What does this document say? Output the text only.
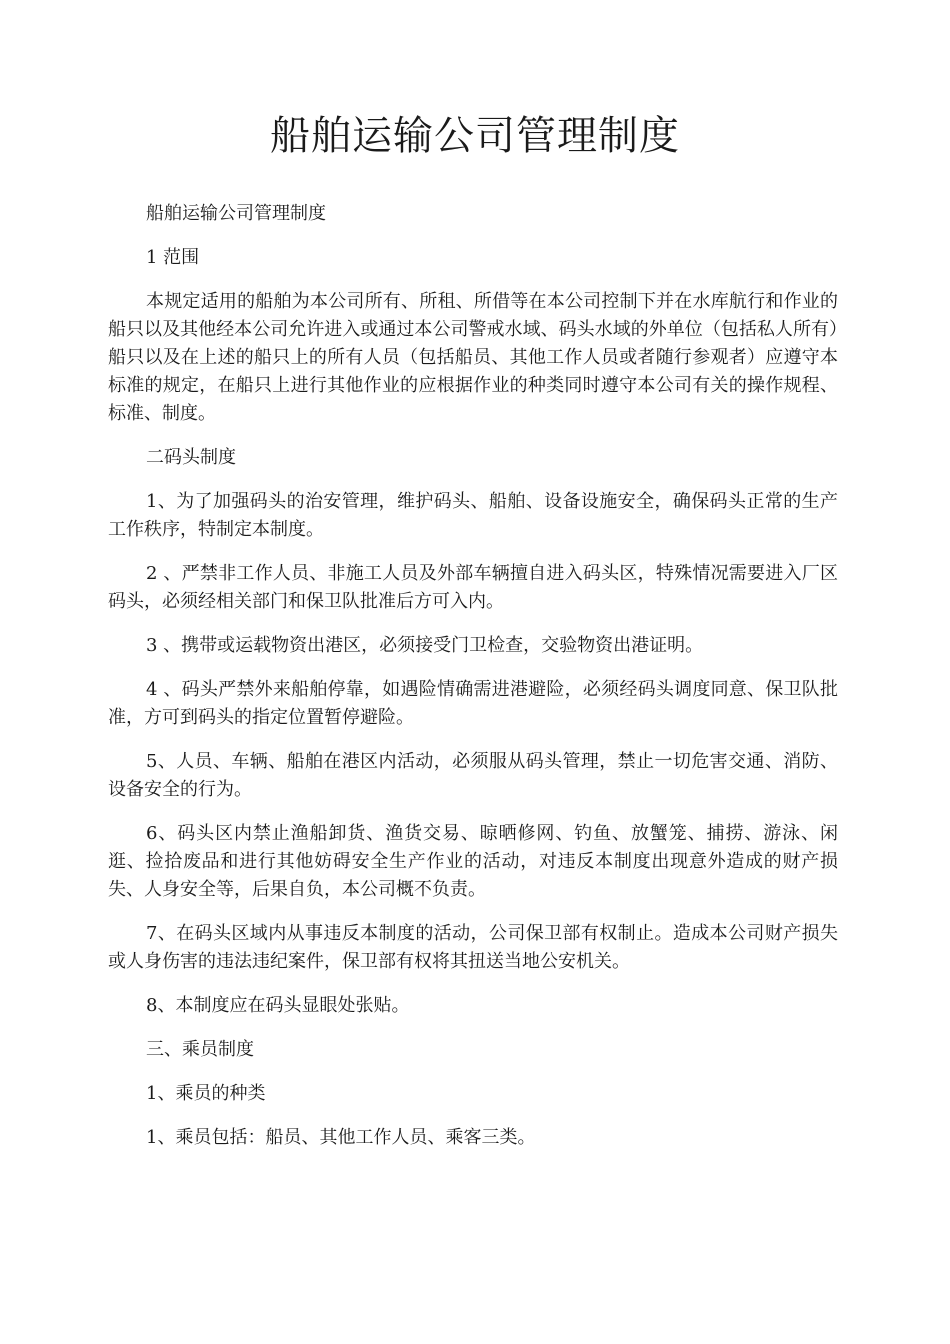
船舶运输公司管理制度

船舶运输公司管理制度

1 范围

本规定适用的船舶为本公司所有、所租、所借等在本公司控制下并在水库航行和作业的船只以及其他经本公司允许进入或通过本公司警戒水域、码头水域的外单位（包括私人所有）船只以及在上述的船只上的所有人员（包括船员、其他工作人员或者随行参观者）应遵守本标准的规定，在船只上进行其他作业的应根据作业的种类同时遵守本公司有关的操作规程、标准、制度。

二码头制度

1、为了加强码头的治安管理，维护码头、船舶、设备设施安全，确保码头正常的生产工作秩序，特制定本制度。

2 、严禁非工作人员、非施工人员及外部车辆擅自进入码头区，特殊情况需要进入厂区码头，必须经相关部门和保卫队批准后方可入内。

3 、携带或运载物资出港区，必须接受门卫检查，交验物资出港证明。

4 、码头严禁外来船舶停靠，如遇险情确需进港避险，必须经码头调度同意、保卫队批准，方可到码头的指定位置暂停避险。

5、人员、车辆、船舶在港区内活动，必须服从码头管理，禁止一切危害交通、消防、设备安全的行为。

6、码头区内禁止渔船卸货、渔货交易、晾晒修网、钓鱼、放蟹笼、捕捞、游泳、闲逛、捡拾废品和进行其他妨碍安全生产作业的活动，对违反本制度出现意外造成的财产损失、人身安全等，后果自负，本公司概不负责。

7、在码头区域内从事违反本制度的活动，公司保卫部有权制止。造成本公司财产损失或人身伤害的违法违纪案件，保卫部有权将其扭送当地公安机关。

8、本制度应在码头显眼处张贴。

三、乘员制度

1、乘员的种类

1、乘员包括：船员、其他工作人员、乘客三类。
